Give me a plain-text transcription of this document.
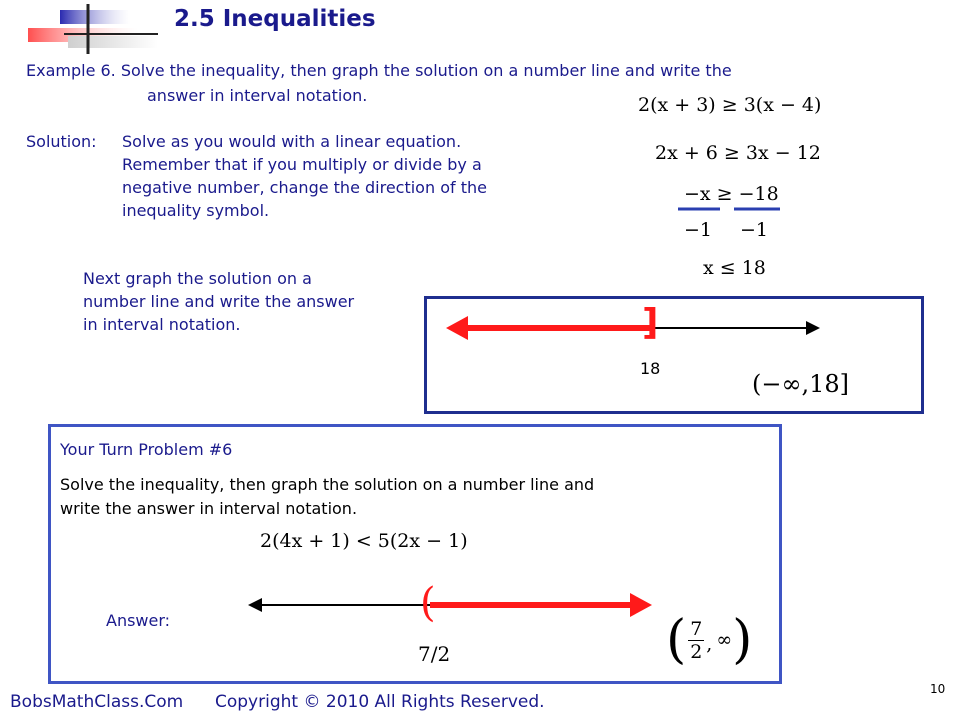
2.5 Inequalities
Example 6. Solve the inequality, then graph the solution on a number line and write the
answer in interval notation.
Solution: Solve as you would with a linear equation.
Remember that if you multiply or divide by a
negative number, change the direction of the
inequality symbol.
2(x + 3) ≥ 3(x − 4)
2x + 6 ≥ 3x − 12
−x ≥ −18
−1 −1
x ≤ 18
Next graph the solution on a
number line and write the answer
in interval notation.	]
18
(−∞,18]
Your Turn Problem #6
Solve the inequality, then graph the solution on a number line and
write the answer in interval notation.
2(4x + 1) < 5(2x − 1)
Answer:	(
7/2	( 7
2 , ∞ )
BobsMathClass.Com Copyright © 2010 All Rights Reserved.
10
